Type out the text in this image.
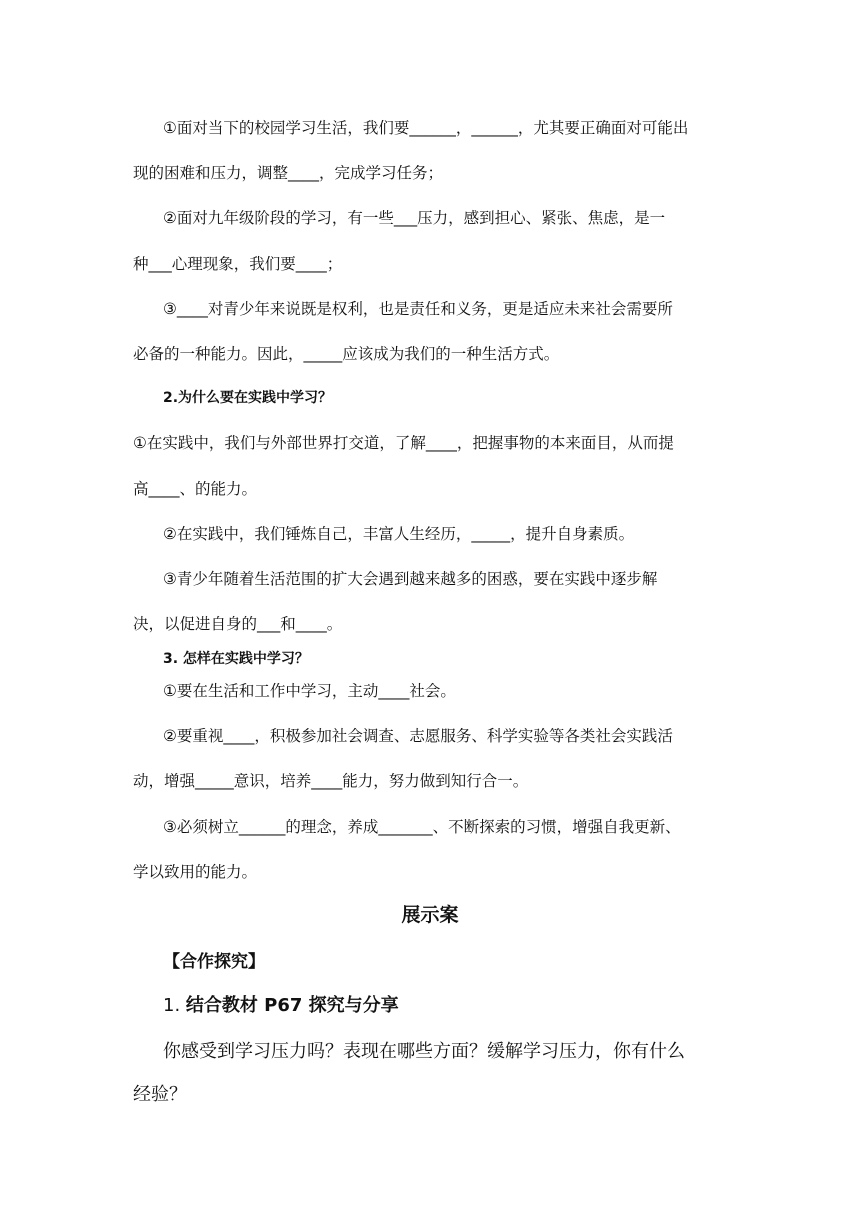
①面对当下的校园学习生活，我们要______，______，尤其要正确面对可能出
现的困难和压力，调整____，完成学习任务；
②面对九年级阶段的学习，有一些___压力，感到担心、紧张、焦虑，是一
种___心理现象，我们要____；
③____对青少年来说既是权利，也是责任和义务，更是适应未来社会需要所
必备的一种能力。因此，_____应该成为我们的一种生活方式。
2.为什么要在实践中学习？
①在实践中，我们与外部世界打交道，了解____，把握事物的本来面目，从而提
高____、的能力。
②在实践中，我们锤炼自己，丰富人生经历，_____，提升自身素质。
③青少年随着生活范围的扩大会遇到越来越多的困惑，要在实践中逐步解
决，以促进自身的___和____。
3. 怎样在实践中学习？
①要在生活和工作中学习，主动____社会。
②要重视____，积极参加社会调查、志愿服务、科学实验等各类社会实践活
动，增强_____意识，培养____能力，努力做到知行合一。
③必须树立______的理念，养成_______、不断探索的习惯，增强自我更新、
学以致用的能力。
展示案
【合作探究】
1. 结合教材 P67 探究与分享
你感受到学习压力吗？表现在哪些方面？缓解学习压力，你有什么
经验？
